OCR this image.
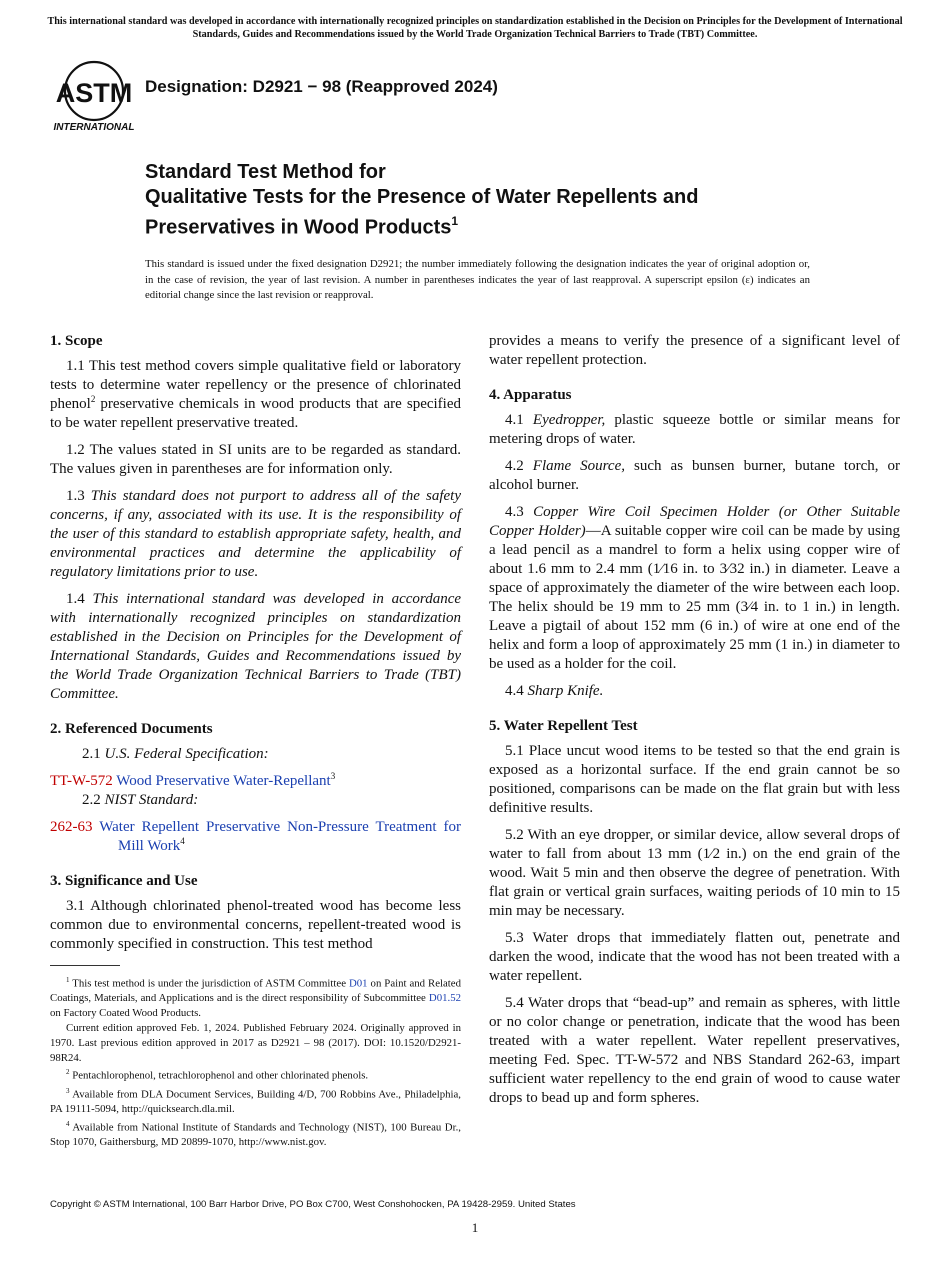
This international standard was developed in accordance with internationally recognized principles on standardization established in the Decision on Principles for the Development of International Standards, Guides and Recommendations issued by the World Trade Organization Technical Barriers to Trade (TBT) Committee.
ASTM
INTERNATIONAL
Designation: D2921 − 98 (Reapproved 2024)
Standard Test Method for
Qualitative Tests for the Presence of Water Repellents and
Preservatives in Wood Products$^1$
This standard is issued under the fixed designation D2921; the number immediately following the designation indicates the year of original adoption or, in the case of revision, the year of last revision. A number in parentheses indicates the year of last reapproval. A superscript epsilon (ε) indicates an editorial change since the last revision or reapproval.
1. Scope

1.1 This test method covers simple qualitative field or laboratory tests to determine water repellency or the presence of chlorinated phenol$^2$ preservative chemicals in wood products that are specified to be water repellent preservative treated.

1.2 The values stated in SI units are to be regarded as standard. The values given in parentheses are for information only.

1.3 This standard does not purport to address all of the safety concerns, if any, associated with its use. It is the responsibility of the user of this standard to establish appropriate safety, health, and environmental practices and determine the applicability of regulatory limitations prior to use.

1.4 This international standard was developed in accordance with internationally recognized principles on standardization established in the Decision on Principles for the Development of International Standards, Guides and Recommendations issued by the World Trade Organization Technical Barriers to Trade (TBT) Committee.

2. Referenced Documents

2.1 U.S. Federal Specification:

TT-W-572 Wood Preservative Water-Repellant$^3$

2.2 NIST Standard:

262-63 Water Repellent Preservative Non-Pressure Treatment for Mill Work$^4$

3. Significance and Use

3.1 Although chlorinated phenol-treated wood has become less common due to environmental concerns, repellent-treated wood is commonly specified in construction. This test method

provides a means to verify the presence of a significant level of water repellent protection.

4. Apparatus

4.1 Eyedropper, plastic squeeze bottle or similar means for metering drops of water.

4.2 Flame Source, such as bunsen burner, butane torch, or alcohol burner.

4.3 Copper Wire Coil Specimen Holder (or Other Suitable Copper Holder)—A suitable copper wire coil can be made by using a lead pencil as a mandrel to form a helix using copper wire of about 1.6 mm to 2.4 mm (1⁄16 in. to 3⁄32 in.) in diameter. Leave a space of approximately the diameter of the wire between each loop. The helix should be 19 mm to 25 mm (3⁄4 in. to 1 in.) in length. Leave a pigtail of about 152 mm (6 in.) of wire at one end of the helix and form a loop of approximately 25 mm (1 in.) in diameter to be used as a holder for the coil.

4.4 Sharp Knife.

5. Water Repellent Test

5.1 Place uncut wood items to be tested so that the end grain is exposed as a horizontal surface. If the end grain cannot be so positioned, comparisons can be made on the flat grain but with less definitive results.

5.2 With an eye dropper, or similar device, allow several drops of water to fall from about 13 mm (1⁄2 in.) on the end grain of the wood. Wait 5 min and then observe the degree of penetration. With flat grain or vertical grain surfaces, waiting periods of 10 min to 15 min may be necessary.

5.3 Water drops that immediately flatten out, penetrate and darken the wood, indicate that the wood has not been treated with a water repellent.

5.4 Water drops that “bead-up” and remain as spheres, with little or no color change or penetration, indicate that the wood has been treated with a water repellent. Water repellent preservatives, meeting Fed. Spec. TT-W-572 and NBS Standard 262-63, impart sufficient water repellency to the end grain of wood to cause water drops to bead up and form spheres.

$^1$ This test method is under the jurisdiction of ASTM Committee D01 on Paint and Related Coatings, Materials, and Applications and is the direct responsibility of Subcommittee D01.52 on Factory Coated Wood Products.

Current edition approved Feb. 1, 2024. Published February 2024. Originally approved in 1970. Last previous edition approved in 2017 as D2921 – 98 (2017). DOI: 10.1520/D2921-98R24.

$^2$ Pentachlorophenol, tetrachlorophenol and other chlorinated phenols.

$^3$ Available from DLA Document Services, Building 4/D, 700 Robbins Ave., Philadelphia, PA 19111-5094, http://quicksearch.dla.mil.

$^4$ Available from National Institute of Standards and Technology (NIST), 100 Bureau Dr., Stop 1070, Gaithersburg, MD 20899-1070, http://www.nist.gov.

Copyright © ASTM International, 100 Barr Harbor Drive, PO Box C700, West Conshohocken, PA 19428-2959. United States
1
